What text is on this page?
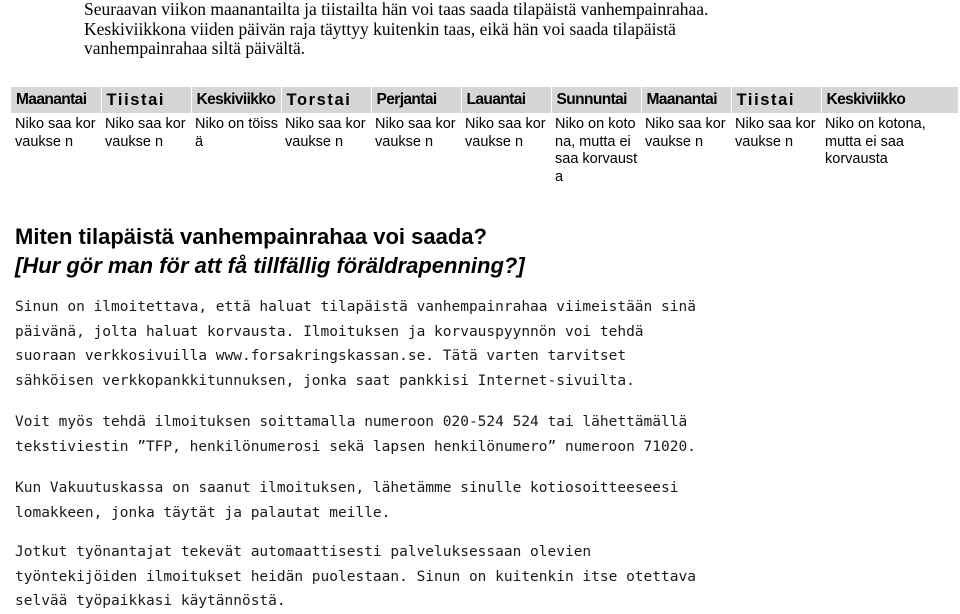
Seuraavan viikon maanantailta ja tiistailta hän voi taas saada tilapäistä vanhempainrahaa.
Keskiviikkona viiden päivän raja täyttyy kuitenkin taas, eikä hän voi saada tilapäistä
vanhempainrahaa siltä päivältä.

Maanantai	Tiistai	Keskiviikko	Torstai	Perjantai	Lauantai	Sunnuntai	Maanantai	Tiistai	Keskiviikko
Niko saa korvaukse n	Niko saa korvaukse n	Niko on töissä	Niko saa korvaukse n	Niko saa korvaukse n	Niko saa korvaukse n	Niko on kotona, mutta ei saa korvausta	Niko saa korvaukse n	Niko saa korvaukse n	Niko on kotona, mutta ei saa korvausta
Miten tilapäistä vanhempainrahaa voi saada?
[Hur gör man för att få tillfällig föräldrapenning?]

Sinun on ilmoitettava, että haluat tilapäistä vanhempainrahaa viimeistään sinä
päivänä, jolta haluat korvausta. Ilmoituksen ja korvauspyynnön voi tehdä
suoraan verkkosivuilla www.forsakringskassan.se. Tätä varten tarvitset
sähköisen verkkopankkitunnuksen, jonka saat pankkisi Internet-sivuilta.

Voit myös tehdä ilmoituksen soittamalla numeroon 020-524 524 tai lähettämällä
tekstiviestin ”TFP, henkilönumerosi sekä lapsen henkilönumero” numeroon 71020.

Kun Vakuutuskassa on saanut ilmoituksen, lähetämme sinulle kotiosoitteeseesi
lomakkeen, jonka täytät ja palautat meille.

Jotkut työnantajat tekevät automaattisesti palveluksessaan olevien
työntekijöiden ilmoitukset heidän puolestaan. Sinun on kuitenkin itse otettava
selvää työpaikkasi käytännöstä.
